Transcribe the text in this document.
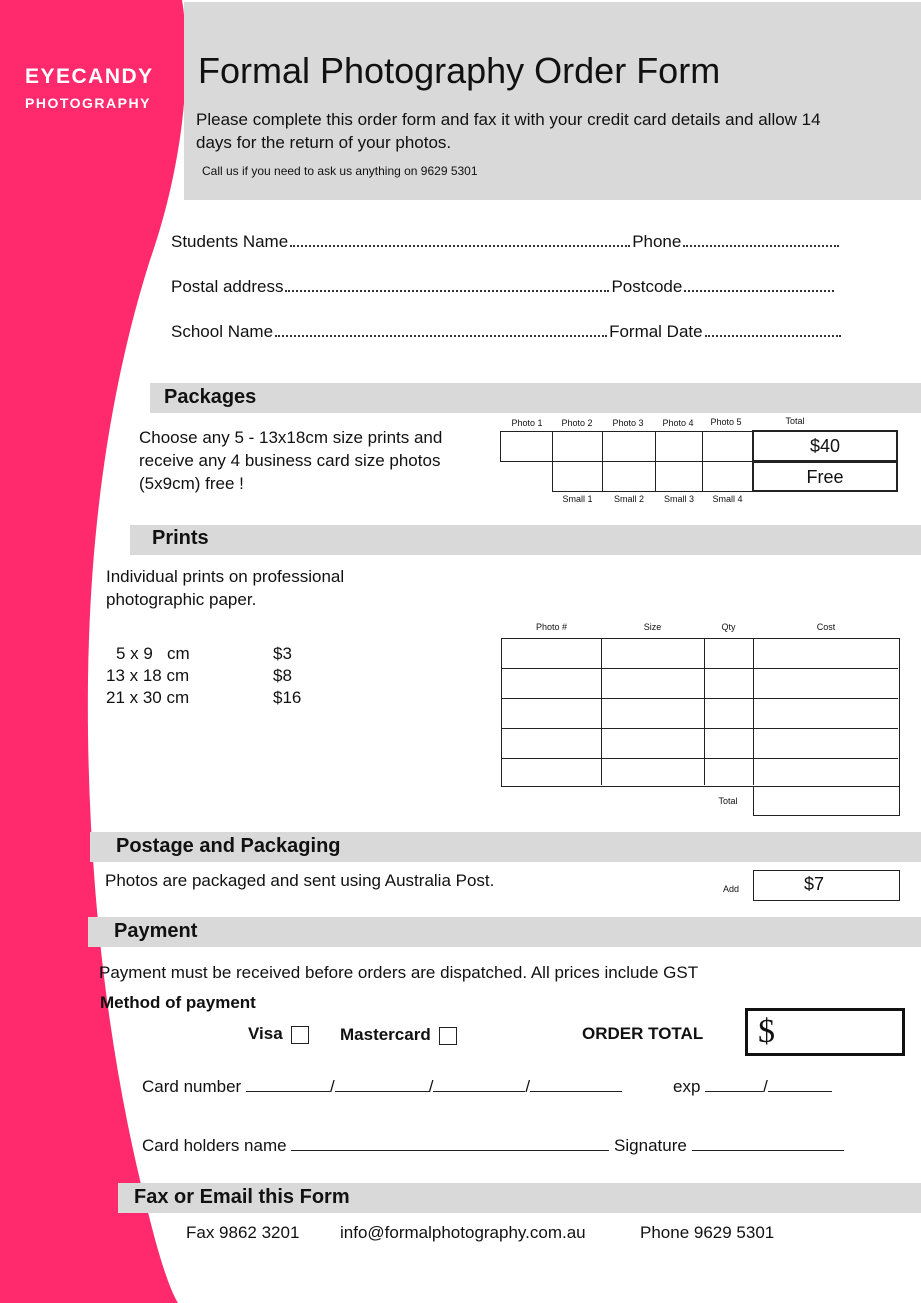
EYECANDY
PHOTOGRAPHY
Formal Photography Order Form
Please complete this order form and fax it with your credit card details and allow 14 days for the return of your photos.
Call us if you need to ask us anything on 9629 5301
Students Name	Phone
Postal address	Postcode
School Name	Formal Date
Packages
Choose any 5 - 13x18cm size prints and receive any 4 business card size photos (5x9cm) free !
Photo 1	Photo 2	Photo 3	Photo 4	Photo 5	Total
$40
Free
Small 1	Small 2	Small 3	Small 4
Prints
Individual prints on professional photographic paper.
5 x 9   cm	$3
13 x 18 cm	$8
21 x 30 cm	$16
Photo #	Size	Qty	Cost
Total
Postage and Packaging
Photos are packaged and sent using Australia Post.	Add	$7
Payment
Payment must be received before orders are dispatched. All prices include GST
Method of payment
Visa	Mastercard	ORDER TOTAL $
Card number	/	/	/	exp	/
Card holders name	Signature
Fax or Email this Form
Fax 9862 3201 info@formalphotography.com.au	Phone 9629 5301
